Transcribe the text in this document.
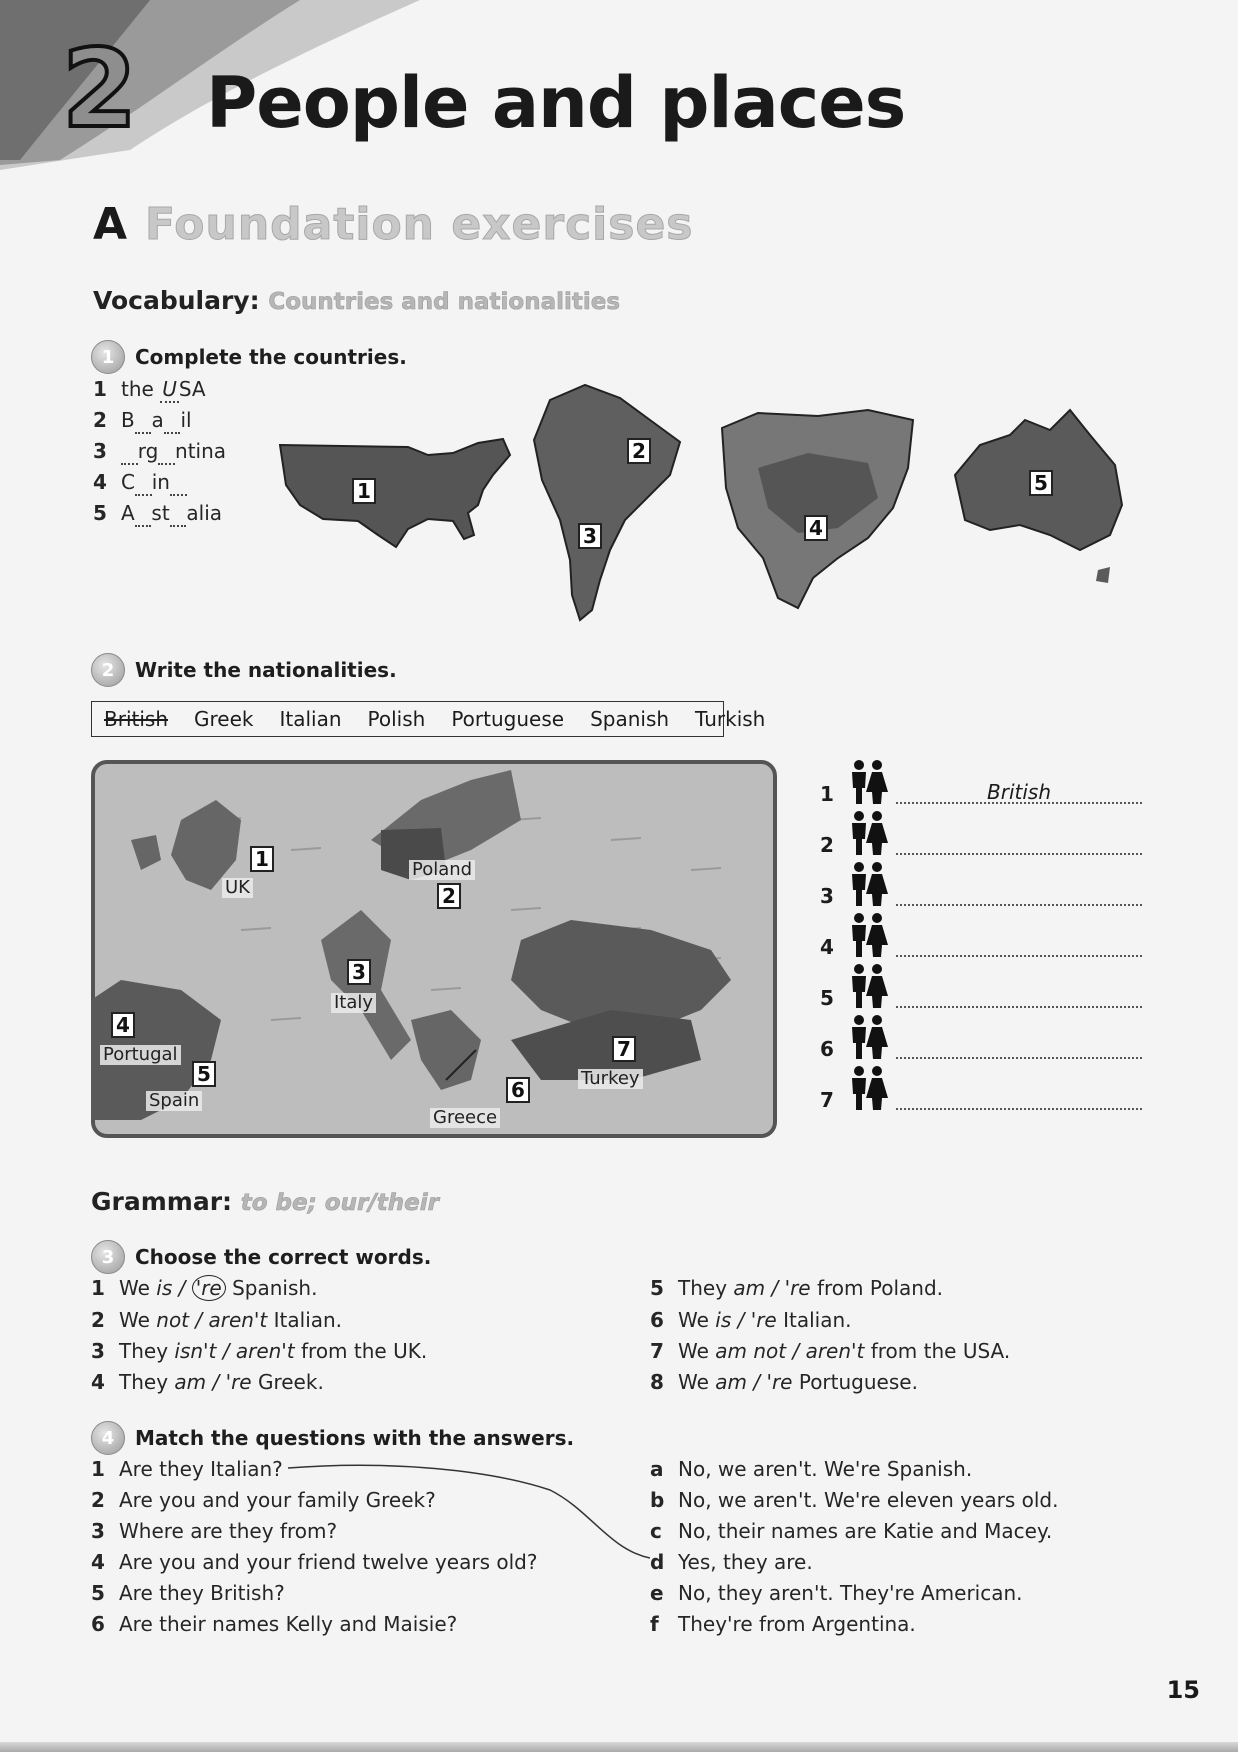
2 People and places
A Foundation exercises
Vocabulary: Countries and nationalities
1	Complete the countries.
1 the U SA
2 B a il
3 rg ntina
4 C in
5 A st alia
1
2
3	4
5
2	Write the nationalities.
British Greek Italian Polish Portuguese Spanish Turkish
1
UK
Poland
2
3
Italy
4
Portugal
5
Spain	6
Greece
7
Turkey
1	British
2
3
4
5
6
7
Grammar: to be; our/their
3	Choose the correct words.
1 We is / 're Spanish.
2 We not / aren't Italian.
3 They isn't / aren't from the UK.
4 They am / 're Greek.
5 They am / 're from Poland.
6 We is / 're Italian.
7 We am not / aren't from the USA.
8 We am / 're Portuguese.
4	Match the questions with the answers.
1 Are they Italian?
2 Are you and your family Greek?
3 Where are they from?
4 Are you and your friend twelve years old?
5 Are they British?
6 Are their names Kelly and Maisie?
a No, we aren't. We're Spanish.
b No, we aren't. We're eleven years old.
c No, their names are Katie and Macey.
d Yes, they are.
e No, they aren't. They're American.
f They're from Argentina.
15
